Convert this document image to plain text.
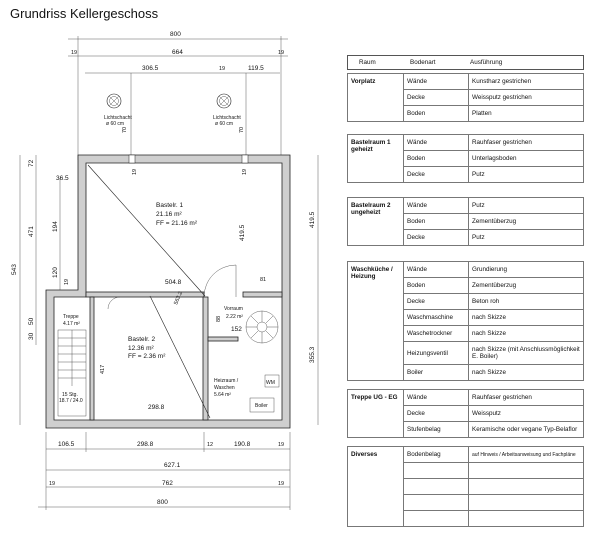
Grundriss Kellergeschoss
800
19	664	19
306.5	19	119.5
70	70
19	19
Lichtschacht
ø 60 cm
Lichtschacht
ø 60 cm
543
72
471
50
30
36.5
194
120
19
419.5
355.3
15 Stg.
18.7 / 24.0
WM
Boiler
Bastelr. 1
21.16 m²
FF = 21.16 m²
Bastelr. 2
12.36 m²
FF = 2.36 m²
Treppe
4.17 m²
Vorraum
2.22 m²
Heizraum /
Waschen
5.64 m²
419.5
504.8	81
563.2
88
152
417
298.8
106.5	298.8	12	190.8	19
627.1
19	762	19
800
Raum	Bodenart	Ausführung
Vorplatz	Wände	Kunstharz gestrichen
	Decke	Weissputz gestrichen
	Boden	Platten
Bastelraum 1 geheizt	Wände	Rauhfaser gestrichen
	Boden	Unterlagsboden
	Decke	Putz
Bastelraum 2 ungeheizt	Wände	Putz
	Boden	Zementüberzug
	Decke	Putz
Waschküche / Heizung	Wände	Grundierung
	Boden	Zementüberzug
	Decke	Beton roh
	Waschmaschine	nach Skizze
	Waschetrockner	nach Skizze
	Heizungsventil	nach Skizze (mit Anschlussmöglichkeit E. Boiler)
	Boiler	nach Skizze
Treppe UG - EG	Wände	Rauhfaser gestrichen
	Decke	Weissputz
	Stufenbelag	Keramische oder vegane Typ-Belaflor
Diverses	Bodenbelag	auf Hinweis / Arbeitsanweisung und Fachpläne
